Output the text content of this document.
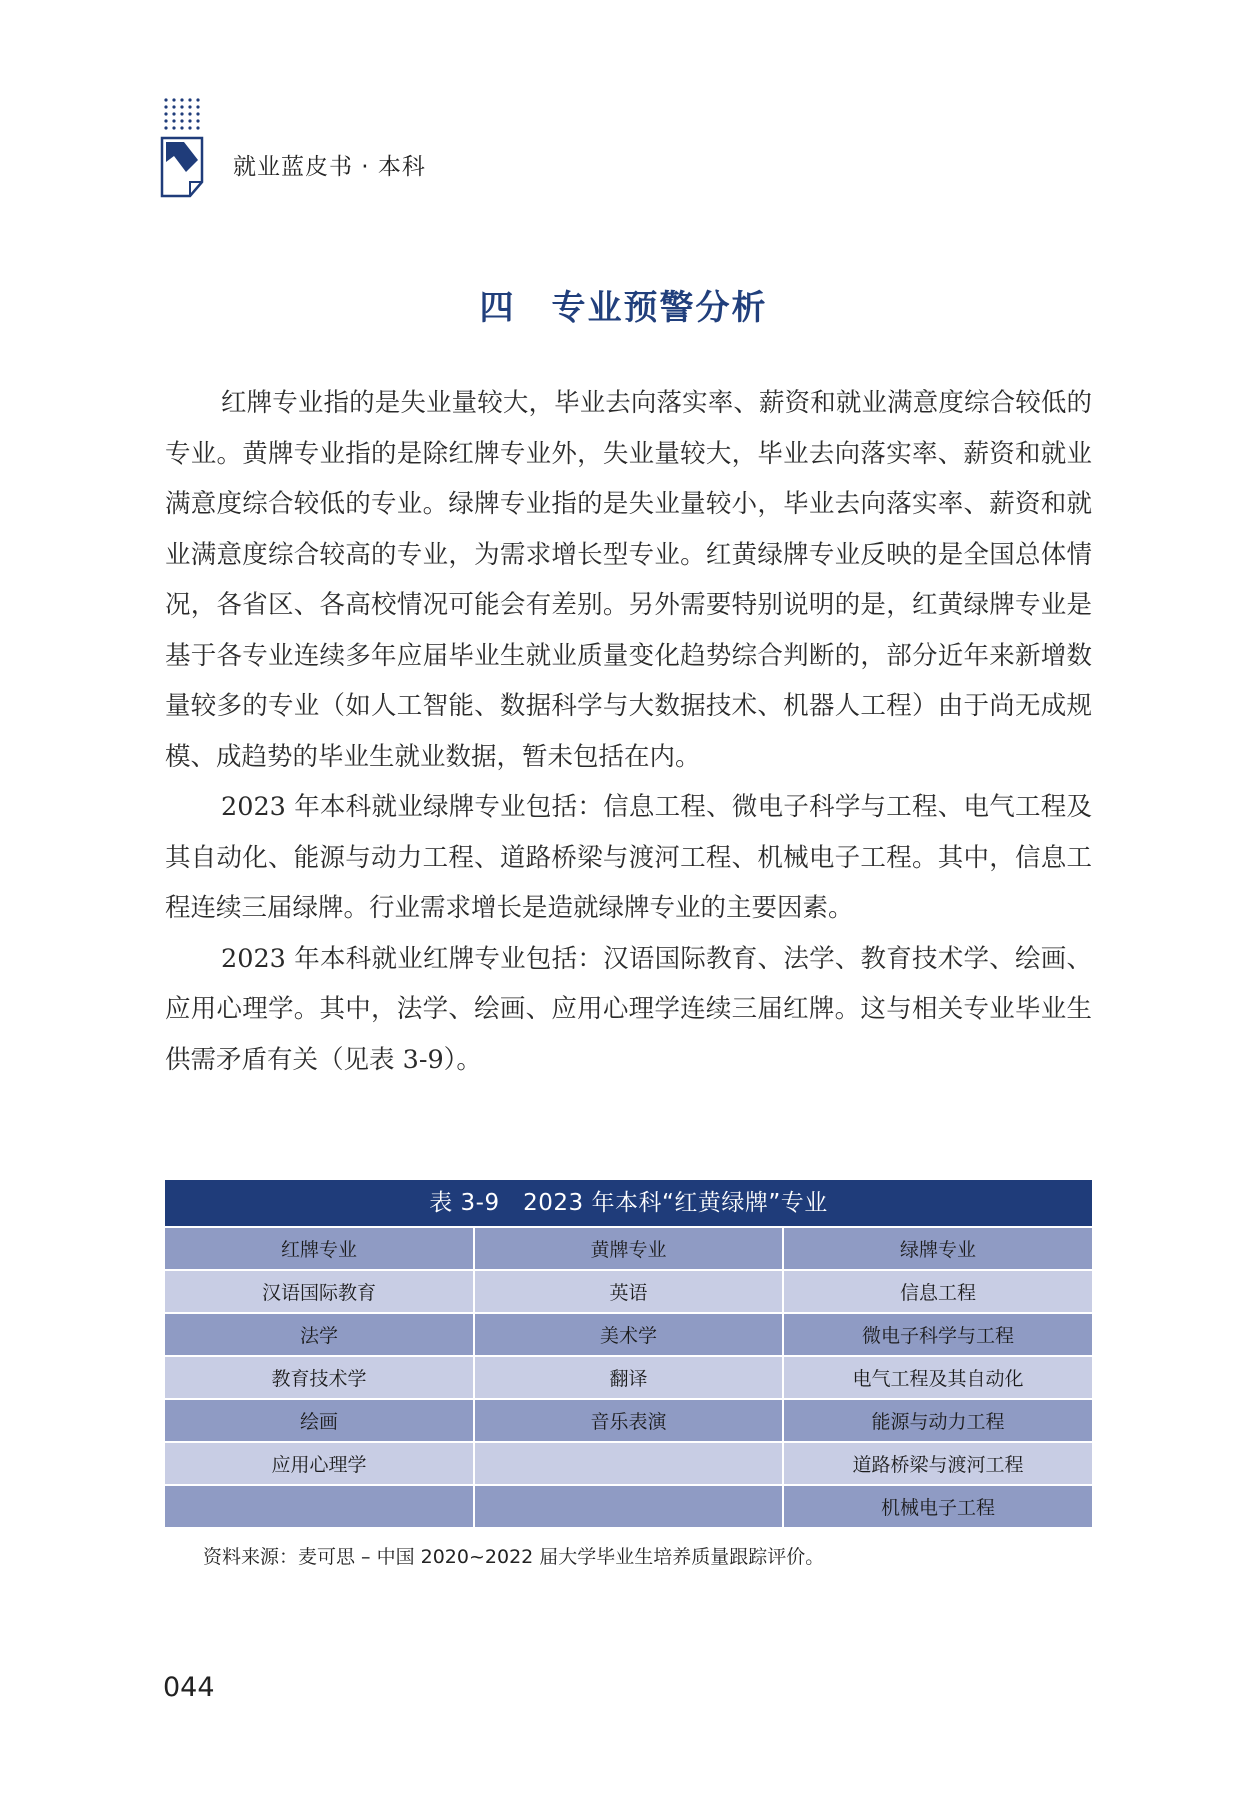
就业蓝皮书 · 本科
四 专业预警分析

红牌专业指的是失业量较大，毕业去向落实率、薪资和就业满意度综合较低的专业。黄牌专业指的是除红牌专业外，失业量较大，毕业去向落实率、薪资和就业满意度综合较低的专业。绿牌专业指的是失业量较小，毕业去向落实率、薪资和就业满意度综合较高的专业，为需求增长型专业。红黄绿牌专业反映的是全国总体情况，各省区、各高校情况可能会有差别。另外需要特别说明的是，红黄绿牌专业是基于各专业连续多年应届毕业生就业质量变化趋势综合判断的，部分近年来新增数量较多的专业（如人工智能、数据科学与大数据技术、机器人工程）由于尚无成规模、成趋势的毕业生就业数据，暂未包括在内。

2023 年本科就业绿牌专业包括：信息工程、微电子科学与工程、电气工程及其自动化、能源与动力工程、道路桥梁与渡河工程、机械电子工程。其中，信息工程连续三届绿牌。行业需求增长是造就绿牌专业的主要因素。

2023 年本科就业红牌专业包括：汉语国际教育、法学、教育技术学、绘画、应用心理学。其中，法学、绘画、应用心理学连续三届红牌。这与相关专业毕业生供需矛盾有关（见表 3-9）。

表 3-9　2023 年本科“红黄绿牌”专业
红牌专业	黄牌专业	绿牌专业
汉语国际教育	英语	信息工程
法学	美术学	微电子科学与工程
教育技术学	翻译	电气工程及其自动化
绘画	音乐表演	能源与动力工程
应用心理学		道路桥梁与渡河工程
		机械电子工程
资料来源：麦可思 – 中国 2020~2022 届大学毕业生培养质量跟踪评价。
044
